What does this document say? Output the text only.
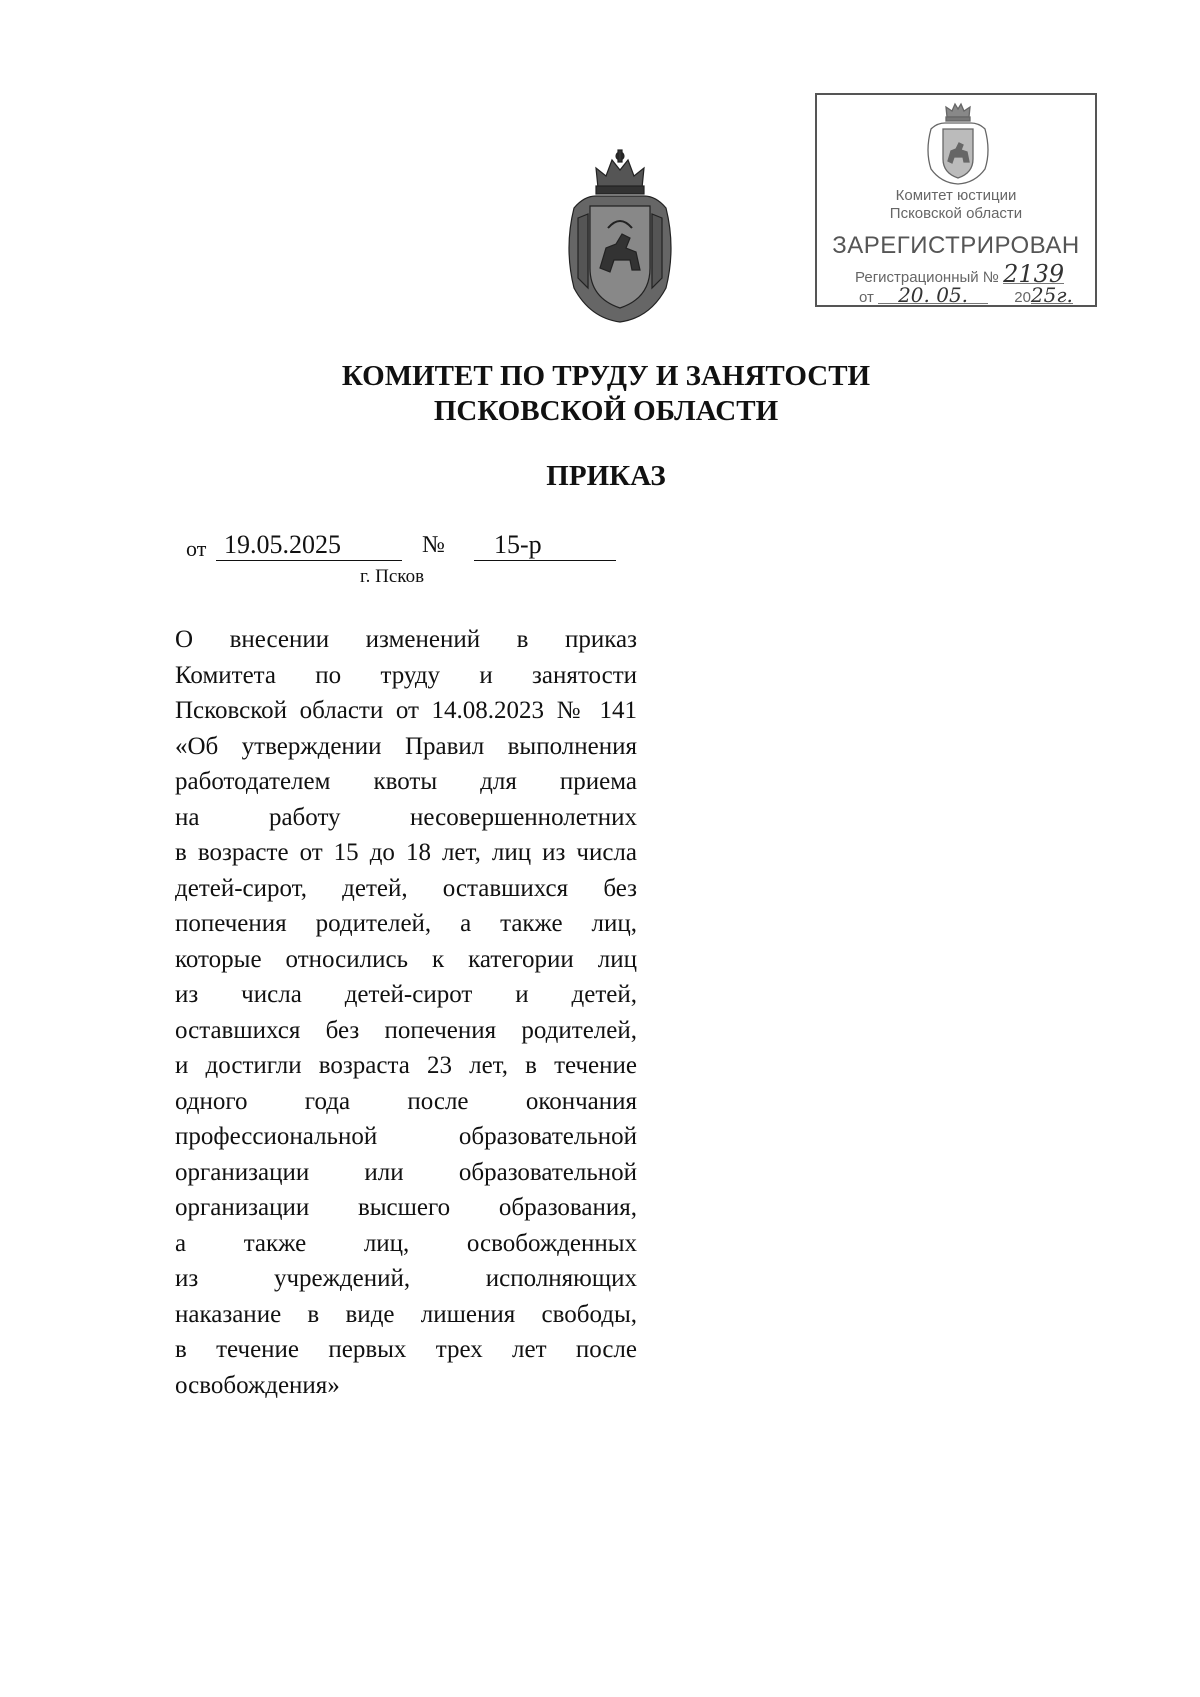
Комитет юстиции
Псковской области
ЗАРЕГИСТРИРОВАН
Регистрационный № 2139
от 20. 05.	2025г.
КОМИТЕТ ПО ТРУДУ И ЗАНЯТОСТИ
ПСКОВСКОЙ ОБЛАСТИ
ПРИКАЗ
от 19.05.2025	№	15-р
г. Псков
О внесении изменений в приказ
Комитета по труду и занятости
Псковской области от 14.08.2023 № 141
«Об утверждении Правил выполнения
работодателем квоты для приема
на работу несовершеннолетних
в возрасте от 15 до 18 лет, лиц из числа
детей-сирот, детей, оставшихся без
попечения родителей, а также лиц,
которые относились к категории лиц
из числа детей-сирот и детей,
оставшихся без попечения родителей,
и достигли возраста 23 лет, в течение
одного года после окончания
профессиональной образовательной
организации или образовательной
организации высшего образования,
а также лиц, освобожденных
из учреждений, исполняющих
наказание в виде лишения свободы,
в течение первых трех лет после
освобождения»
